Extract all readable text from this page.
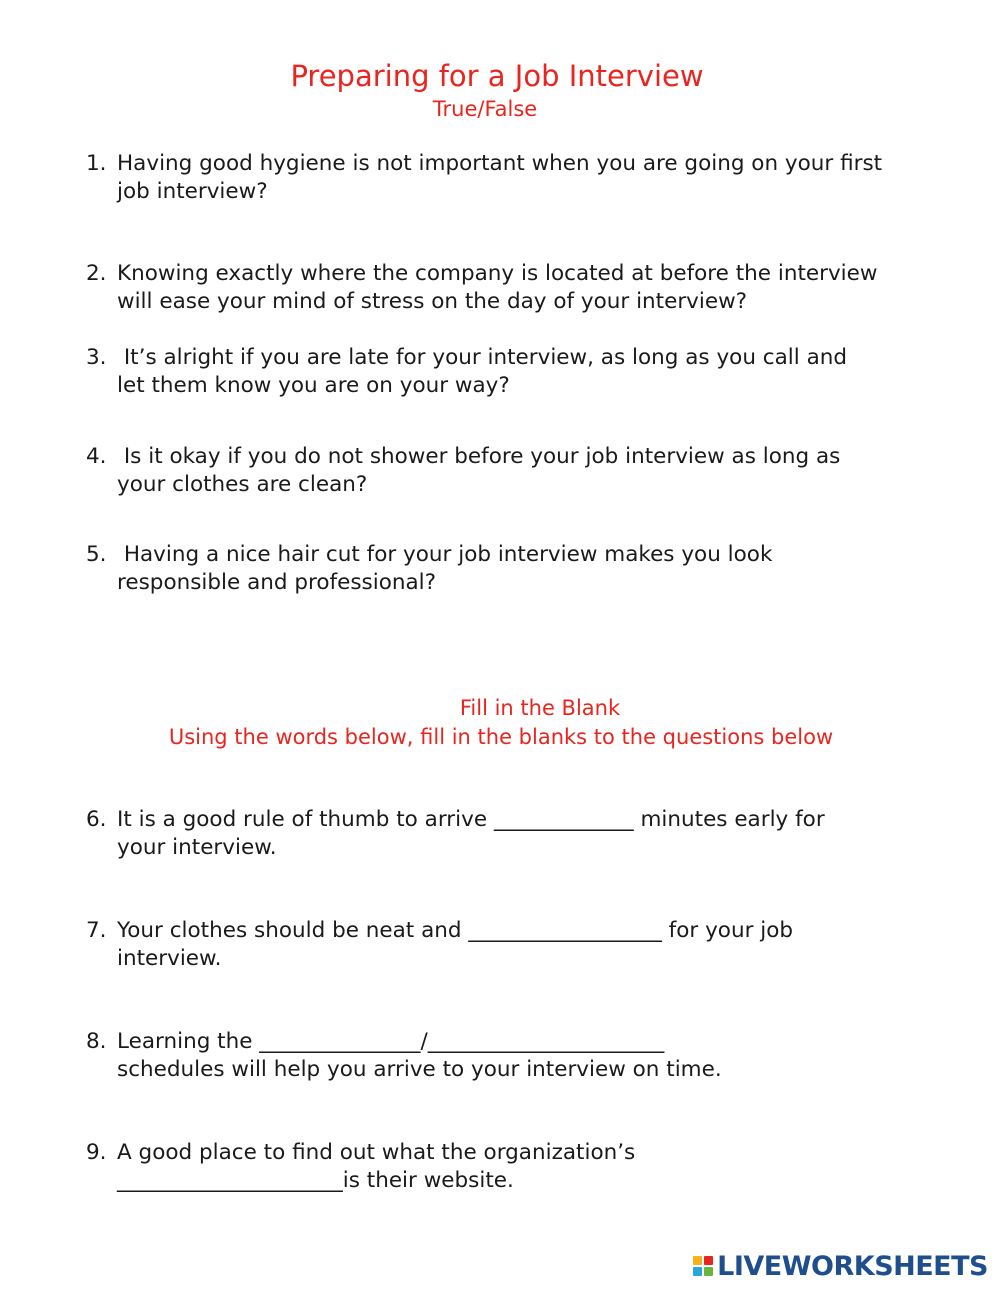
Preparing for a Job Interview
True/False
1. Having good hygiene is not important when you are going on your first
job interview?
2. Knowing exactly where the company is located at before the interview
will ease your mind of stress on the day of your interview?
3. It’s alright if you are late for your interview, as long as you call and
let them know you are on your way?
4. Is it okay if you do not shower before your job interview as long as
your clothes are clean?
5. Having a nice hair cut for your job interview makes you look
responsible and professional?
Fill in the Blank
Using the words below, fill in the blanks to the questions below
6. It is a good rule of thumb to arrive _____________ minutes early for
your interview.
7. Your clothes should be neat and __________________ for your job
interview.
8. Learning the _______________/______________________
schedules will help you arrive to your interview on time.
9. A good place to find out what the organization’s
_____________________is their website.
LIVEWORKSHEETS
